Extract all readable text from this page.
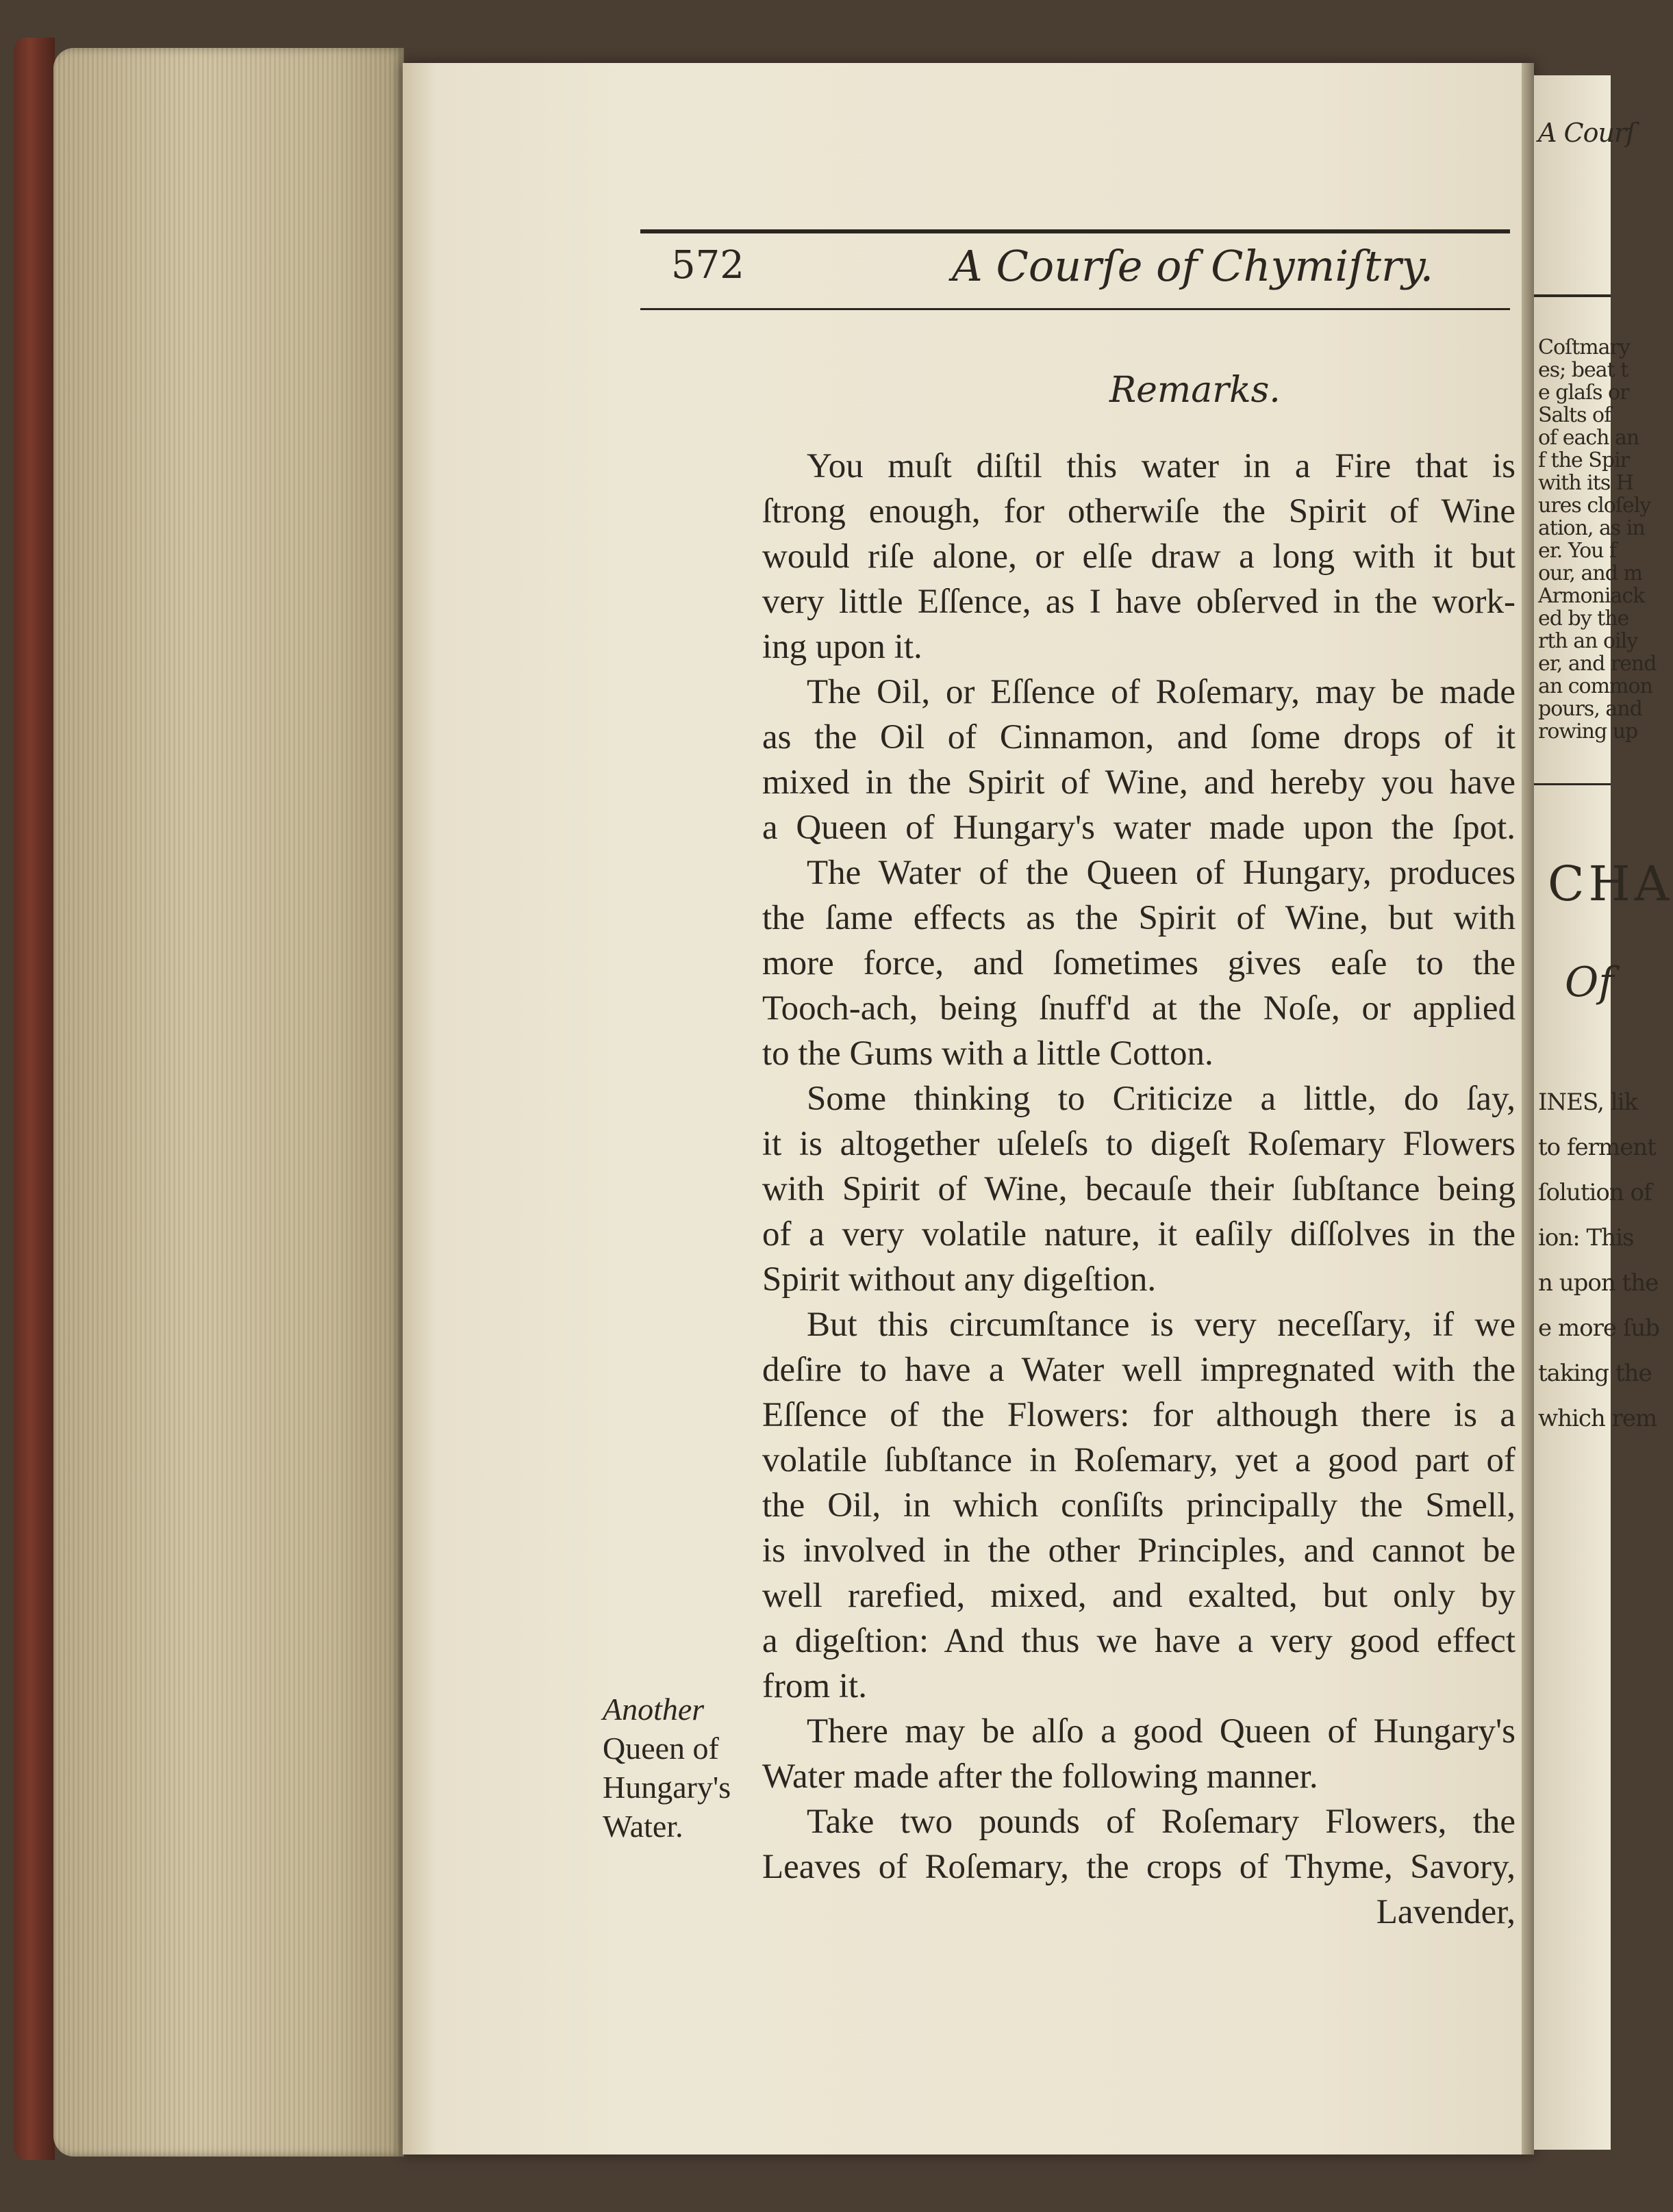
A Courſ
Coſtmary
es; beat t
e glaſs or
Salts of
of each an
f the Spir
with its H
ures cloſely
ation, as in
er. You f
our, and m
Armoniack
ed by the
rth an oily
er, and rend
an common
pours, and
rowing up
CHA
Of
INES, lik
to ferment
ſolution of
ion: This
n upon the
e more ſub
taking the
which rem
572	A Courſe of Chymiſtry.
Remarks.
You muſt diſtil this water in a Fire that is
ſtrong enough, for otherwiſe the Spirit of Wine
would riſe alone, or elſe draw a long with it but
very little Eſſence, as I have obſerved in the work-
ing upon it.
The Oil, or Eſſence of Roſemary, may be made
as the Oil of Cinnamon, and ſome drops of it
mixed in the Spirit of Wine, and hereby you have
a Queen of Hungary's water made upon the ſpot.
The Water of the Queen of Hungary, produces
the ſame effects as the Spirit of Wine, but with
more force, and ſometimes gives eaſe to the
Tooch-ach, being ſnuff'd at the Noſe, or applied
to the Gums with a little Cotton.
Some thinking to Criticize a little, do ſay,
it is altogether uſeleſs to digeſt Roſemary Flowers
with Spirit of Wine, becauſe their ſubſtance being
of a very volatile nature, it eaſily diſſolves in the
Spirit without any digeſtion.
But this circumſtance is very neceſſary, if we
deſire to have a Water well impregnated with the
Eſſence of the Flowers: for although there is a
volatile ſubſtance in Roſemary, yet a good part of
the Oil, in which conſiſts principally the Smell,
is involved in the other Principles, and cannot be
well rarefied, mixed, and exalted, but only by
a digeſtion: And thus we have a very good effect
from it.
There may be alſo a good Queen of Hungary's
Water made after the following manner.
Take two pounds of Roſemary Flowers, the
Leaves of Roſemary, the crops of Thyme, Savory,
Lavender,
Another
Queen of
Hungary's
Water.
